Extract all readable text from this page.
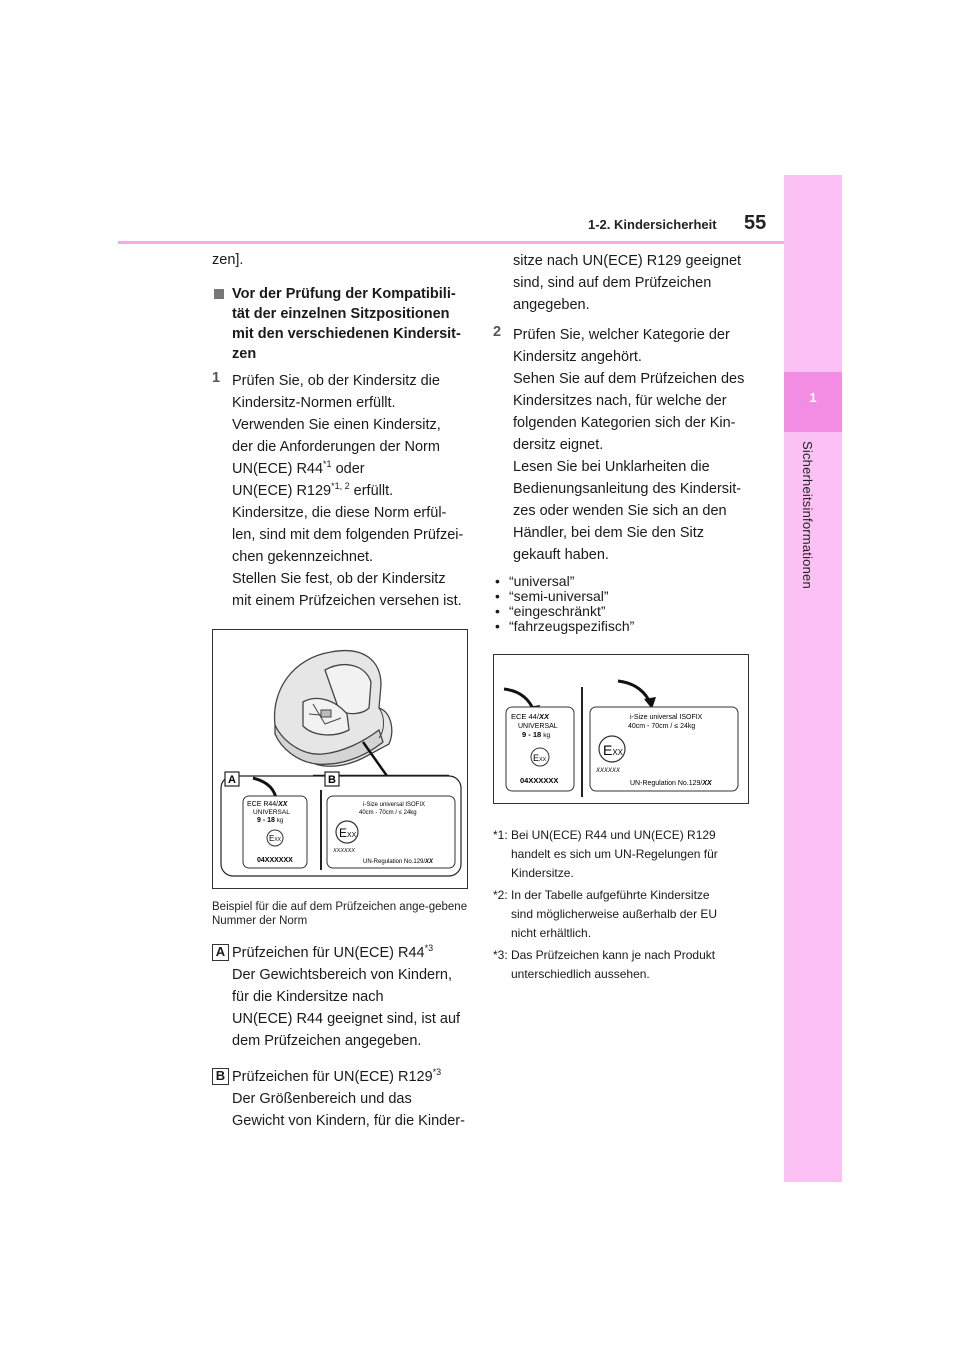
1-2. Kindersicherheit 55
1
Sicherheitsinformationen
zen].
Vor der Prüfung der Kompatibili-
tät der einzelnen Sitzpositionen
mit den verschiedenen Kindersit-
zen
1 Prüfen Sie, ob der Kindersitz die
Kindersitz-Normen erfüllt.
Verwenden Sie einen Kindersitz,
der die Anforderungen der Norm
UN(ECE) R44$^{*1}$ oder
UN(ECE) R129$^{*1, 2}$ erfüllt.
Kindersitze, die diese Norm erfül-
len, sind mit dem folgenden Prüfzei-
chen gekennzeichnet.
Stellen Sie fest, ob der Kindersitz
mit einem Prüfzeichen versehen ist.
A	B
ECE R44/XX
UNIVERSAL
9 - 18 kg
EXX
04XXXXXX
i-Size universal ISOFIX
40cm - 70cm / ≤ 24kg
EXX
XXXXXX
UN-Regulation No.129/XX
Beispiel für die auf dem Prüfzeichen ange-gebene Nummer der Norm
A Prüfzeichen für UN(ECE) R44$^{*3}$
Der Gewichtsbereich von Kindern,
für die Kindersitze nach
UN(ECE) R44 geeignet sind, ist auf
dem Prüfzeichen angegeben.
B Prüfzeichen für UN(ECE) R129$^{*3}$
Der Größenbereich und das
Gewicht von Kindern, für die Kinder-
sitze nach UN(ECE) R129 geeignet
sind, sind auf dem Prüfzeichen
angegeben.
2 Prüfen Sie, welcher Kategorie der
Kindersitz angehört.
Sehen Sie auf dem Prüfzeichen des
Kindersitzes nach, für welche der
folgenden Kategorien sich der Kin-
dersitz eignet.
Lesen Sie bei Unklarheiten die
Bedienungsanleitung des Kindersit-
zes oder wenden Sie sich an den
Händler, bei dem Sie den Sitz
gekauft haben.
• “universal”
• “semi-universal”
• “eingeschränkt”
• “fahrzeugspezifisch”
ECE 44/XX
UNIVERSAL
9 - 18 kg
EXX
04XXXXXX
i-Size universal ISOFIX
40cm - 70cm / ≤ 24kg
EXX
XXXXXX
UN-Regulation No.129/XX
*1: Bei UN(ECE) R44 und UN(ECE) R129
handelt es sich um UN-Regelungen für
Kindersitze.
*2: In der Tabelle aufgeführte Kindersitze
sind möglicherweise außerhalb der EU
nicht erhältlich.
*3: Das Prüfzeichen kann je nach Produkt
unterschiedlich aussehen.
